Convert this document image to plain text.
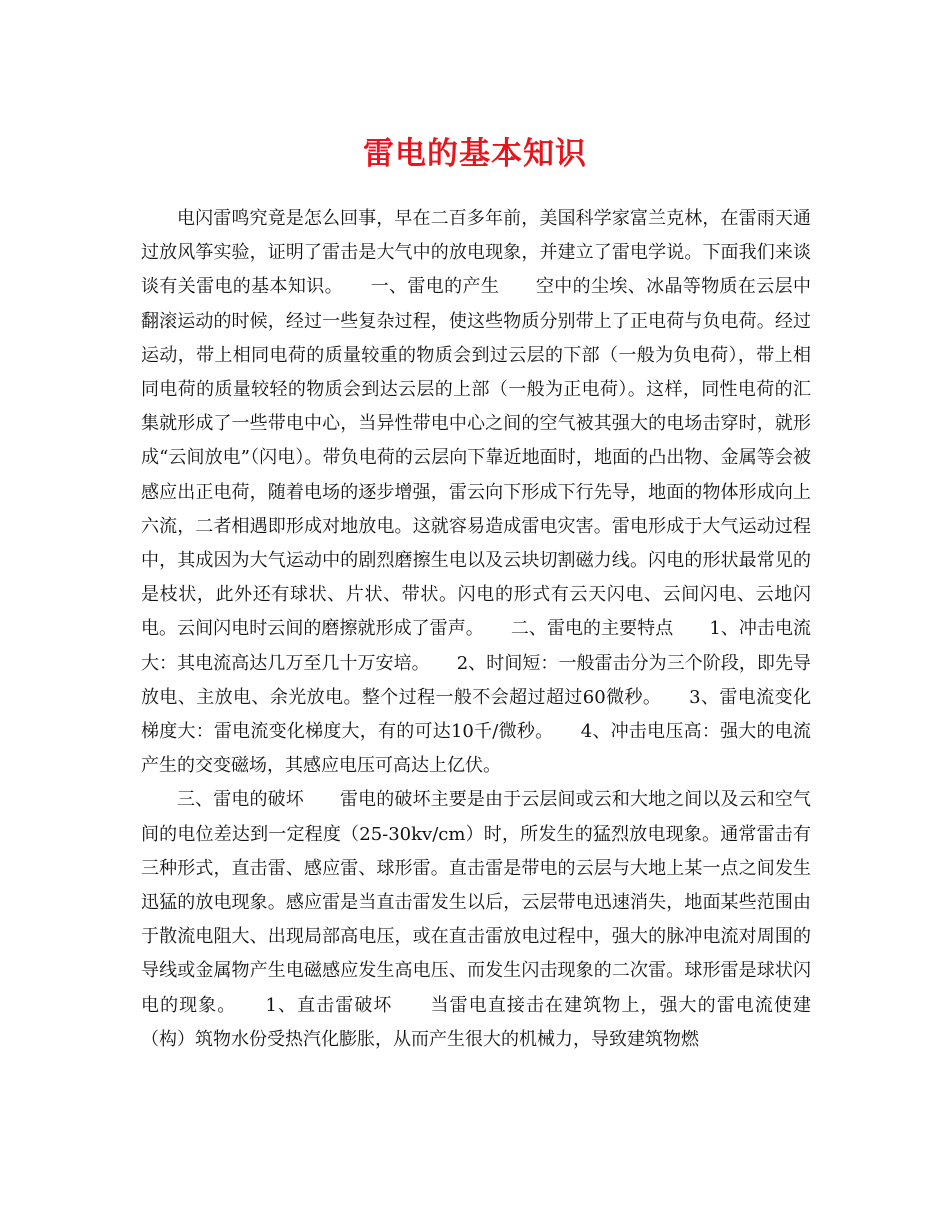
雷电的基本知识

电闪雷鸣究竟是怎么回事，早在二百多年前，美国科学家富兰克林，在雷雨天通过放风筝实验，证明了雷击是大气中的放电现象，并建立了雷电学说。下面我们来谈谈有关雷电的基本知识。　　一、雷电的产生　　空中的尘埃、冰晶等物质在云层中翻滚运动的时候，经过一些复杂过程，使这些物质分别带上了正电荷与负电荷。经过运动，带上相同电荷的质量较重的物质会到过云层的下部（一般为负电荷），带上相同电荷的质量较轻的物质会到达云层的上部（一般为正电荷）。这样，同性电荷的汇集就形成了一些带电中心，当异性带电中心之间的空气被其强大的电场击穿时，就形成“云间放电”（闪电）。带负电荷的云层向下靠近地面时，地面的凸出物、金属等会被感应出正电荷，随着电场的逐步增强，雷云向下形成下行先导，地面的物体形成向上六流，二者相遇即形成对地放电。这就容易造成雷电灾害。雷电形成于大气运动过程中，其成因为大气运动中的剧烈磨擦生电以及云块切割磁力线。闪电的形状最常见的是枝状，此外还有球状、片状、带状。闪电的形式有云天闪电、云间闪电、云地闪电。云间闪电时云间的磨擦就形成了雷声。　　二、雷电的主要特点　　1、冲击电流大：其电流高达几万至几十万安培。　　2、时间短：一般雷击分为三个阶段，即先导放电、主放电、余光放电。整个过程一般不会超过超过60微秒。　　3、雷电流变化梯度大：雷电流变化梯度大，有的可达10千/微秒。　　4、冲击电压高：强大的电流产生的交变磁场，其感应电压可高达上亿伏。

三、雷电的破坏　　雷电的破坏主要是由于云层间或云和大地之间以及云和空气间的电位差达到一定程度（25-30kv/cm）时，所发生的猛烈放电现象。通常雷击有三种形式，直击雷、感应雷、球形雷。直击雷是带电的云层与大地上某一点之间发生迅猛的放电现象。感应雷是当直击雷发生以后，云层带电迅速消失，地面某些范围由于散流电阻大、出现局部高电压，或在直击雷放电过程中，强大的脉冲电流对周围的导线或金属物产生电磁感应发生高电压、而发生闪击现象的二次雷。球形雷是球状闪电的现象。　　1、直击雷破坏　　当雷电直接击在建筑物上，强大的雷电流使建（构）筑物水份受热汽化膨胀，从而产生很大的机械力，导致建筑物燃
